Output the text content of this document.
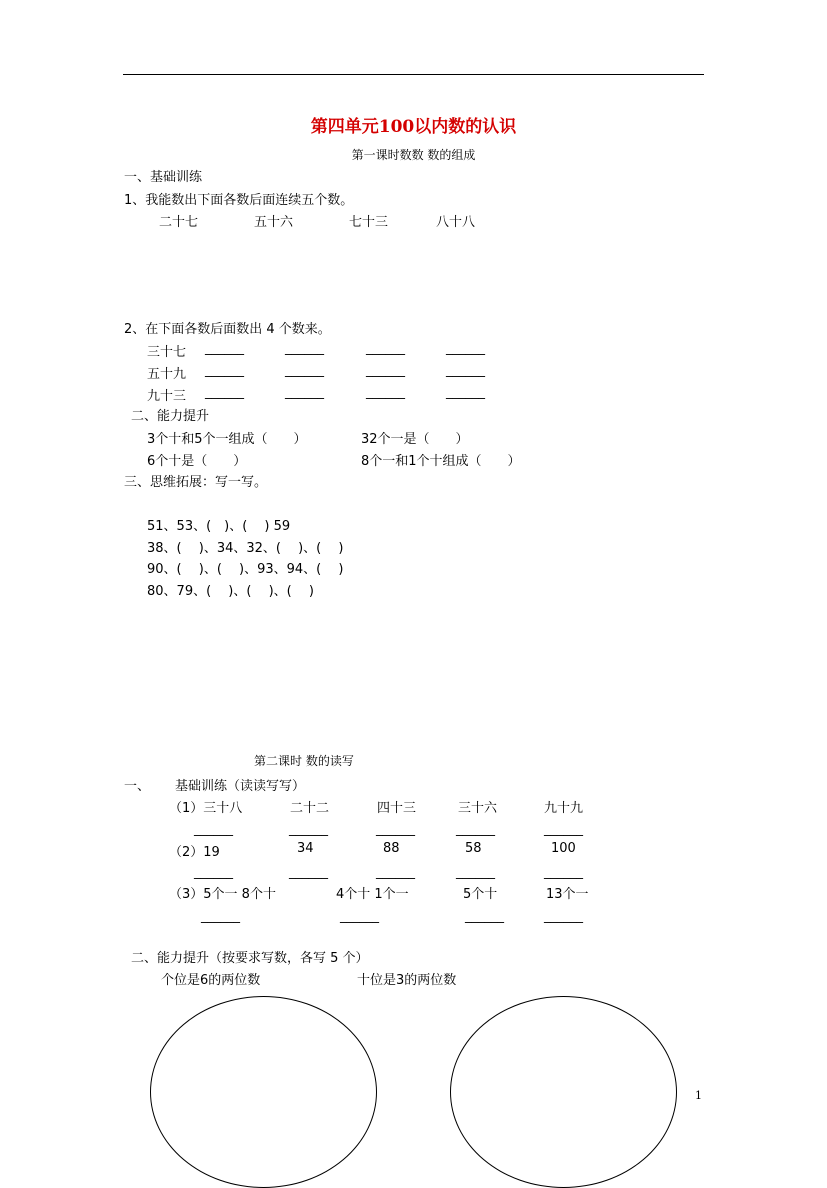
第四单元100以内数的认识
第一课时数数 数的组成
一、基础训练
1、我能数出下面各数后面连续五个数。
二十七	五十六	七十三	八十八
2、在下面各数后面数出 4 个数来。
三十七 ______	______	______	______
五十九 ______	______	______	______
九十三 ______	______	______	______
二、能力提升
3个十和5个一组成（　　）	32个一是（　　）
6个十是（　　）	8个一和1个十组成（　　）
三、思维拓展：写一写。
51、53、(　)、(　 ) 59
38、(　 )、34、32、(　 )、(　 )
90、(　 )、(　 )、93、94、(　 )
80、79、(　 )、(　 )、(　 )
第二课时 数的读写
一、 基础训练（读读写写）
（1）三十八	二十二	四十三	三十六	九十九
______	______	______	______	______
（2）19	34	88	58	100
______	______	______	______	______
（3）5个一 8个十	4个十 1个一	5个十	13个一
______	______	______	______
二、能力提升（按要求写数，各写 5 个）
个位是6的两位数	十位是3的两位数
1
